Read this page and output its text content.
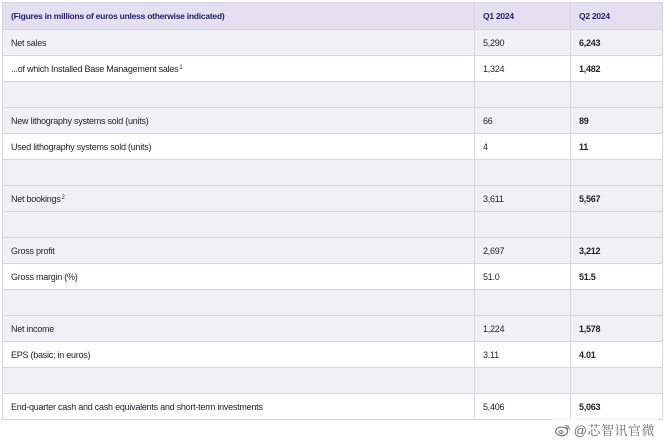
(Figures in millions of euros unless otherwise indicated)	Q1 2024	Q2 2024
Net sales	5,290	6,243
...of which Installed Base Management sales$^1$	1,324	1,482

New lithography systems sold (units)	66	89
Used lithography systems sold (units)	4	11

Net bookings$^2$	3,611	5,567

Gross profit	2,697	3,212
Gross margin (%)	51.0	51.5

Net income	1,224	1,578
EPS (basic; in euros)	3.11	4.01

End-quarter cash and cash equivalents and short-term investments	5,406	5,063
@芯智讯官微
